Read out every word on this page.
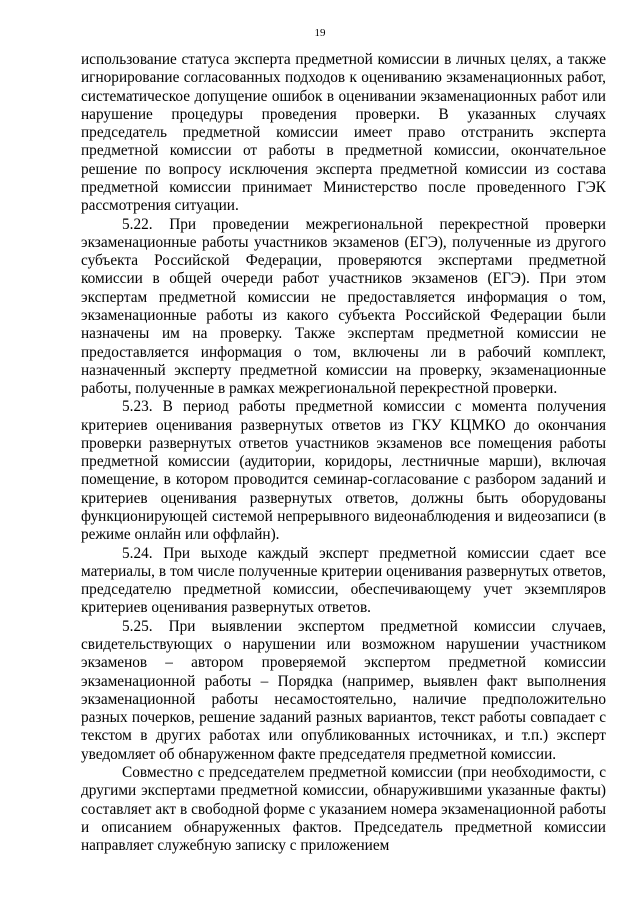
19

использование статуса эксперта предметной комиссии в личных целях, а также игнорирование согласованных подходов к оцениванию экзаменационных работ, систематическое допущение ошибок в оценивании экзаменационных работ или нарушение процедуры проведения проверки. В указанных случаях председатель предметной комиссии имеет право отстранить эксперта предметной комиссии от работы в предметной комиссии, окончательное решение по вопросу исключения эксперта предметной комиссии из состава предметной комиссии принимает Министерство после проведенного ГЭК рассмотрения ситуации.

5.22. При проведении межрегиональной перекрестной проверки экзаменационные работы участников экзаменов (ЕГЭ), полученные из другого субъекта Российской Федерации, проверяются экспертами предметной комиссии в общей очереди работ участников экзаменов (ЕГЭ). При этом экспертам предметной комиссии не предоставляется информация о том, экзаменационные работы из какого субъекта Российской Федерации были назначены им на проверку. Также экспертам предметной комиссии не предоставляется информация о том, включены ли в рабочий комплект, назначенный эксперту предметной комиссии на проверку, экзаменационные работы, полученные в рамках межрегиональной перекрестной проверки.

5.23. В период работы предметной комиссии с момента получения критериев оценивания развернутых ответов из ГКУ КЦМКО до окончания проверки развернутых ответов участников экзаменов все помещения работы предметной комиссии (аудитории, коридоры, лестничные марши), включая помещение, в котором проводится семинар-согласование с разбором заданий и критериев оценивания развернутых ответов, должны быть оборудованы функционирующей системой непрерывного видеонаблюдения и видеозаписи (в режиме онлайн или оффлайн).

5.24. При выходе каждый эксперт предметной комиссии сдает все материалы, в том числе полученные критерии оценивания развернутых ответов, председателю предметной комиссии, обеспечивающему учет экземпляров критериев оценивания развернутых ответов.

5.25. При выявлении экспертом предметной комиссии случаев, свидетельствующих о нарушении или возможном нарушении участником экзаменов – автором проверяемой экспертом предметной комиссии экзаменационной работы – Порядка (например, выявлен факт выполнения экзаменационной работы несамостоятельно, наличие предположительно разных почерков, решение заданий разных вариантов, текст работы совпадает с текстом в других работах или опубликованных источниках, и т.п.) эксперт уведомляет об обнаруженном факте председателя предметной комиссии.

Совместно с председателем предметной комиссии (при необходимости, с другими экспертами предметной комиссии, обнаружившими указанные факты) составляет акт в свободной форме с указанием номера экзаменационной работы и описанием обнаруженных фактов. Председатель предметной комиссии направляет служебную записку с приложением
